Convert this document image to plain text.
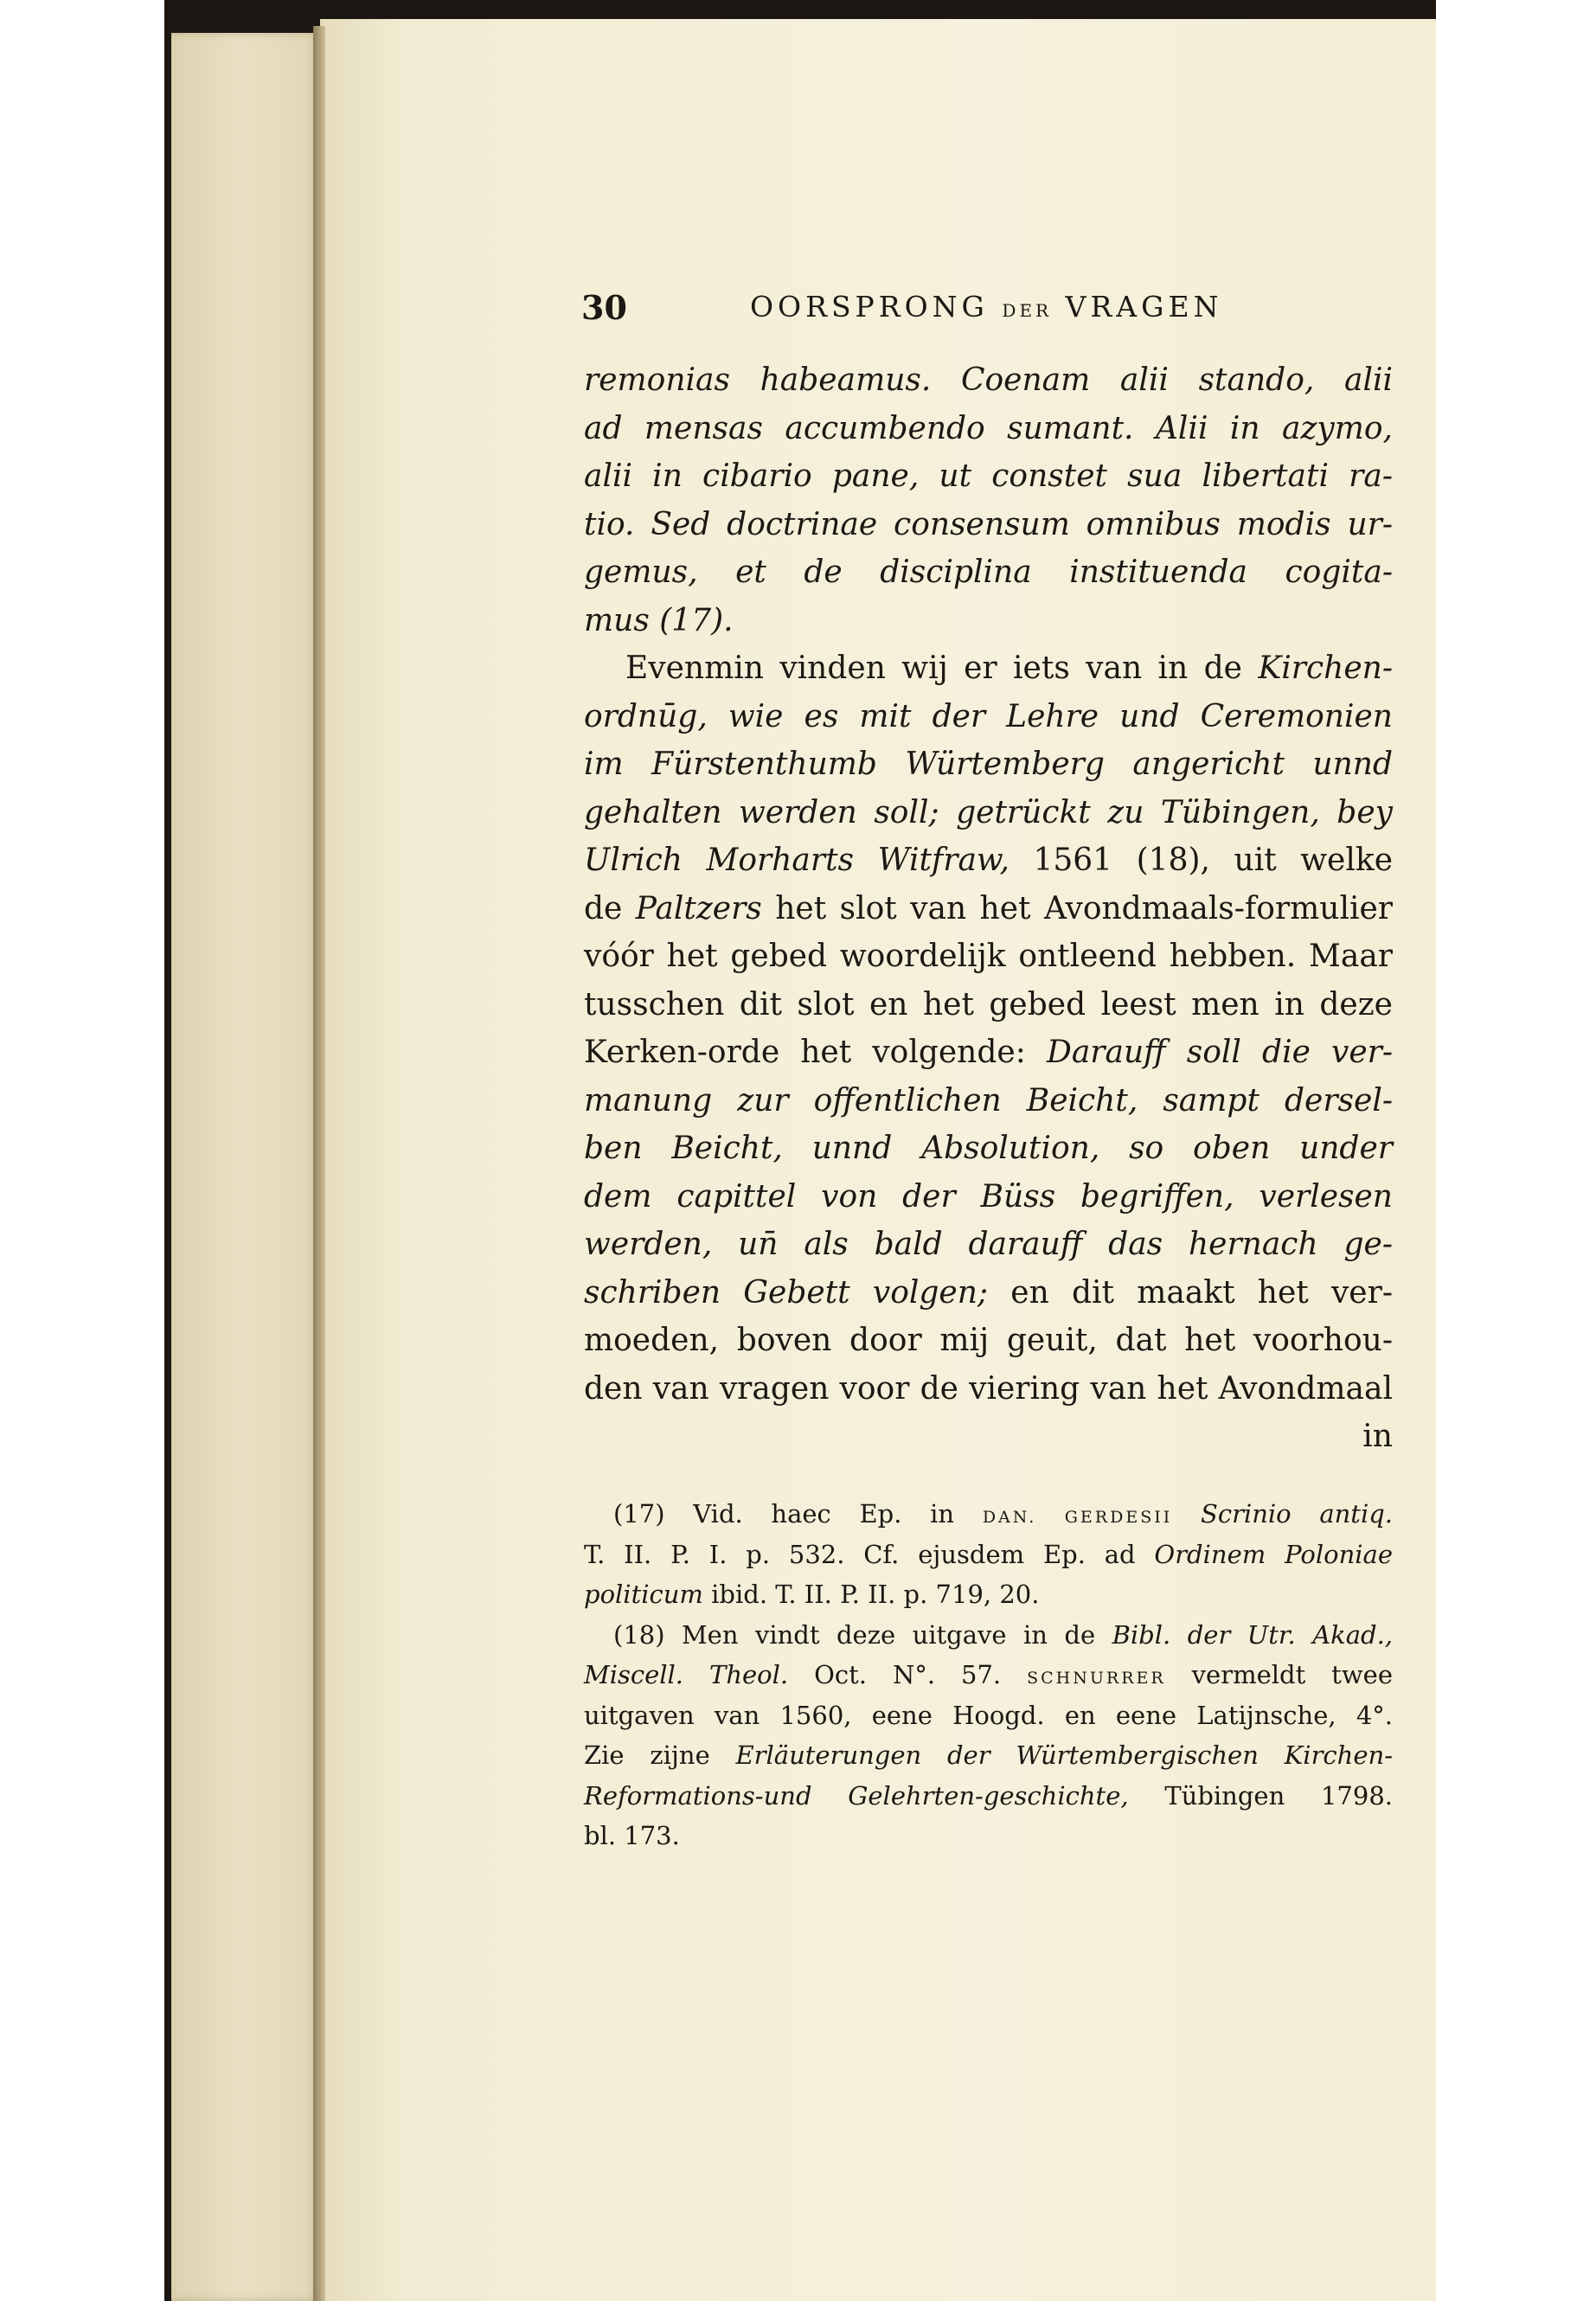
30	OORSPRONG DER VRAGEN
remonias habeamus. Coenam alii stando, alii
ad mensas accumbendo sumant. Alii in azymo,
alii in cibario pane, ut constet sua libertati ra-
tio. Sed doctrinae consensum omnibus modis ur-
gemus, et de disciplina instituenda cogita-
mus (17).
Evenmin vinden wij er iets van in de Kirchen-
ordnūg, wie es mit der Lehre und Ceremonien
im Fürstenthumb Würtemberg angericht unnd
gehalten werden soll; getrückt zu Tübingen, bey
Ulrich Morharts Witfraw, 1561 (18), uit welke
de Paltzers het slot van het Avondmaals-formulier
vóór het gebed woordelijk ontleend hebben. Maar
tusschen dit slot en het gebed leest men in deze
Kerken-orde het volgende: Darauff soll die ver-
manung zur offentlichen Beicht, sampt dersel-
ben Beicht, unnd Absolution, so oben under
dem capittel von der Büss begriffen, verlesen
werden, un̄ als bald darauff das hernach ge-
schriben Gebett volgen; en dit maakt het ver-
moeden, boven door mij geuit, dat het voorhou-
den van vragen voor de viering van het Avondmaal
in
(17) Vid. haec Ep. in DAN. GERDESII Scrinio antiq.
T. II. P. I. p. 532. Cf. ejusdem Ep. ad Ordinem Poloniae
politicum ibid. T. II. P. II. p. 719, 20.
(18) Men vindt deze uitgave in de Bibl. der Utr. Akad.,
Miscell. Theol. Oct. N°. 57. SCHNURRER vermeldt twee
uitgaven van 1560, eene Hoogd. en eene Latijnsche, 4°.
Zie zijne Erläuterungen der Würtembergischen Kirchen-
Reformations-und Gelehrten-geschichte, Tübingen 1798.
bl. 173.
